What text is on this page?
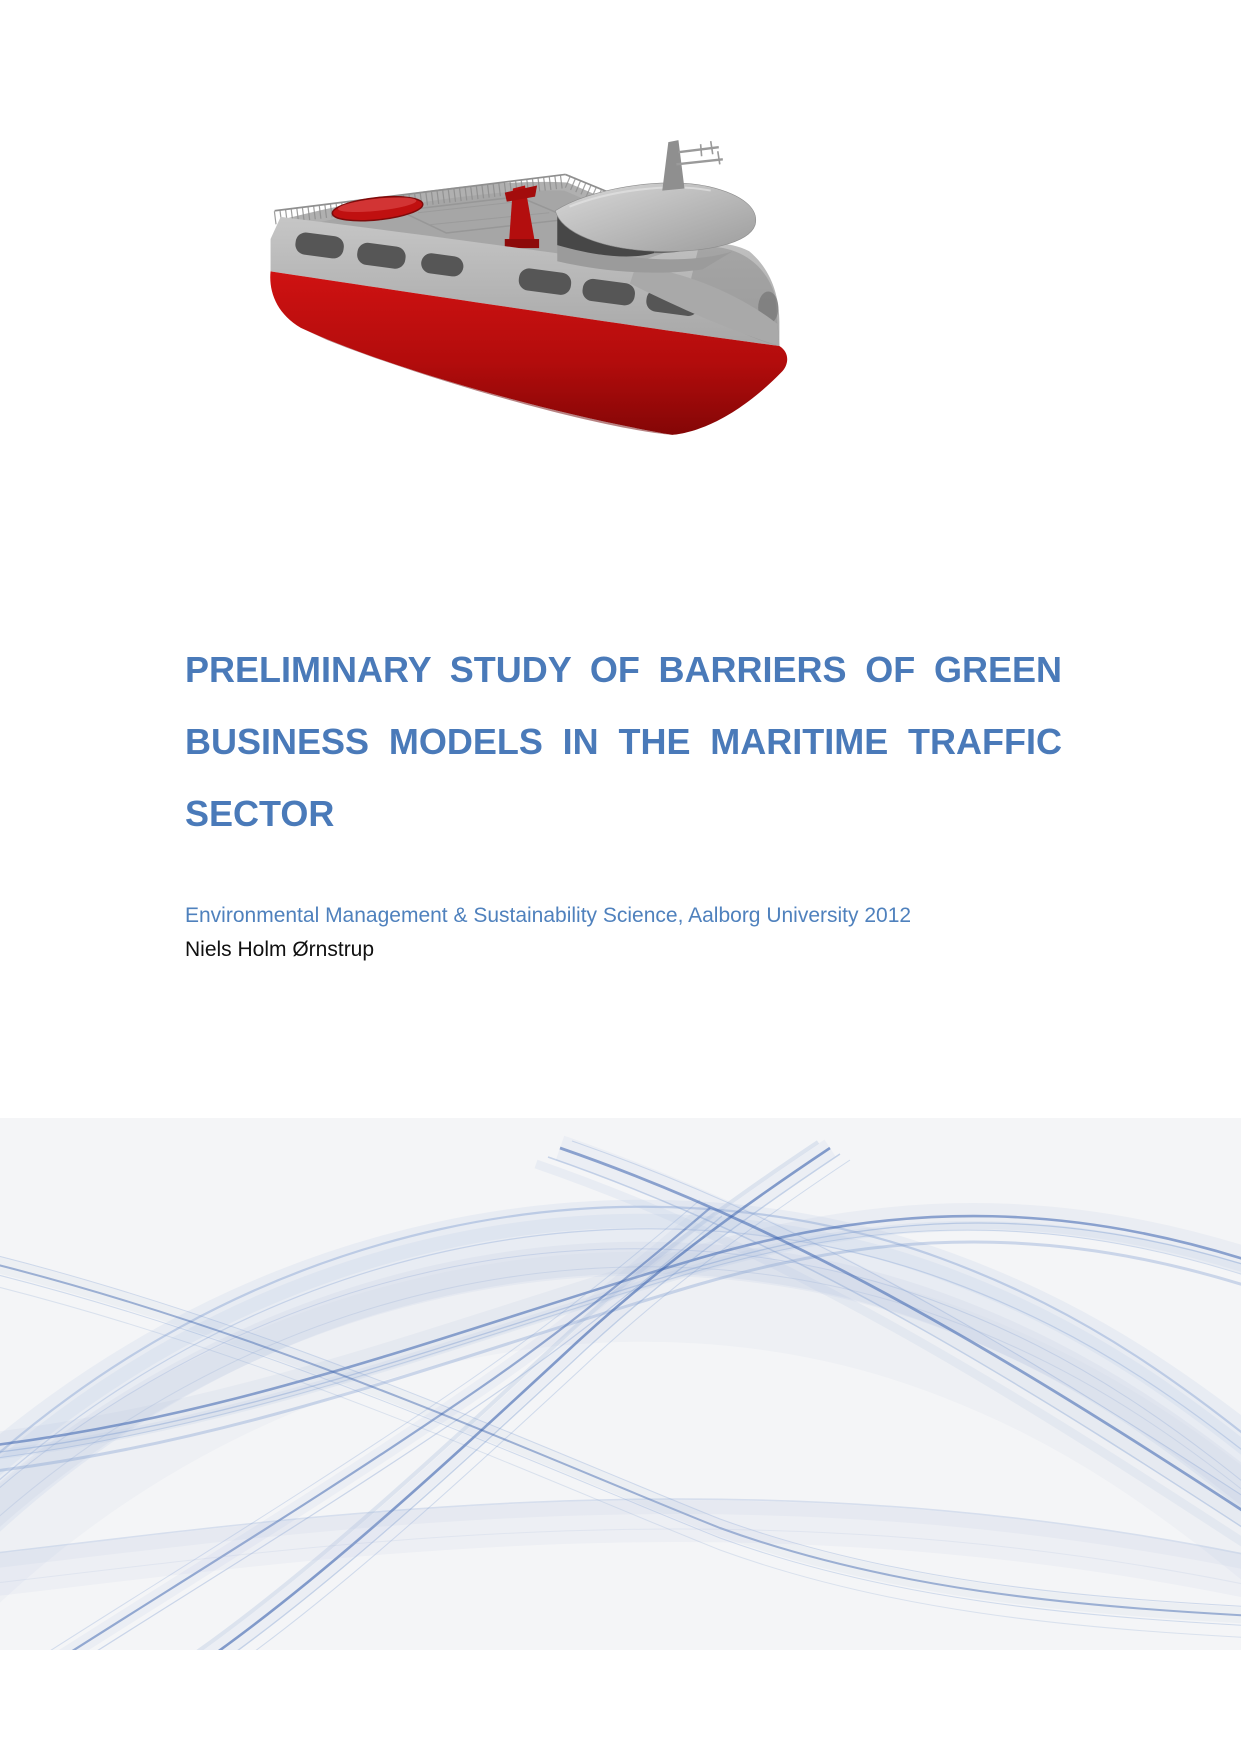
PRELIMINARY STUDY OF BARRIERS OF GREEN
BUSINESS MODELS IN THE MARITIME TRAFFIC
SECTOR
Environmental Management & Sustainability Science, Aalborg University 2012
Niels Holm Ørnstrup
